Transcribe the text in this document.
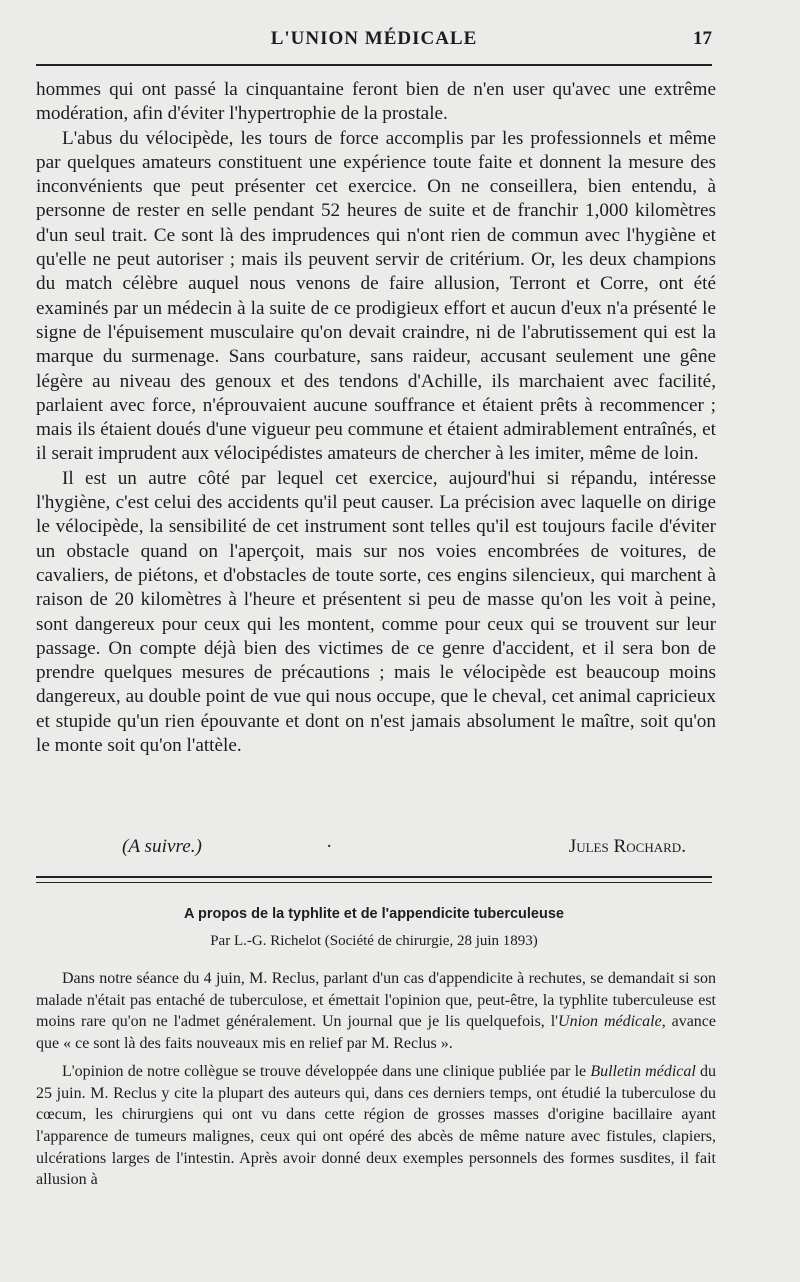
L'UNION MÉDICALE	17

hommes qui ont passé la cinquantaine feront bien de n'en user qu'avec une extrême modération, afin d'éviter l'hypertrophie de la prostale.

L'abus du vélocipède, les tours de force accomplis par les professionnels et même par quelques amateurs constituent une expérience toute faite et donnent la mesure des inconvénients que peut présenter cet exercice. On ne conseillera, bien entendu, à personne de rester en selle pendant 52 heures de suite et de franchir 1,000 kilomètres d'un seul trait. Ce sont là des imprudences qui n'ont rien de commun avec l'hygiène et qu'elle ne peut autoriser ; mais ils peuvent servir de critérium. Or, les deux champions du match célèbre auquel nous venons de faire allusion, Terront et Corre, ont été examinés par un médecin à la suite de ce prodigieux effort et aucun d'eux n'a présenté le signe de l'épuisement musculaire qu'on devait craindre, ni de l'abrutissement qui est la marque du surmenage. Sans courbature, sans raideur, accusant seulement une gêne légère au niveau des genoux et des tendons d'Achille, ils marchaient avec facilité, parlaient avec force, n'éprouvaient aucune souffrance et étaient prêts à recommencer ; mais ils étaient doués d'une vigueur peu commune et étaient admirablement entraînés, et il serait imprudent aux vélocipédistes amateurs de chercher à les imiter, même de loin.

Il est un autre côté par lequel cet exercice, aujourd'hui si répandu, intéresse l'hygiène, c'est celui des accidents qu'il peut causer. La précision avec laquelle on dirige le vélocipède, la sensibilité de cet instrument sont telles qu'il est toujours facile d'éviter un obstacle quand on l'aperçoit, mais sur nos voies encombrées de voitures, de cavaliers, de piétons, et d'obstacles de toute sorte, ces engins silencieux, qui marchent à raison de 20 kilomètres à l'heure et présentent si peu de masse qu'on les voit à peine, sont dangereux pour ceux qui les montent, comme pour ceux qui se trouvent sur leur passage. On compte déjà bien des victimes de ce genre d'accident, et il sera bon de prendre quelques mesures de précautions ; mais le vélocipède est beaucoup moins dangereux, au double point de vue qui nous occupe, que le cheval, cet animal capricieux et stupide qu'un rien épouvante et dont on n'est jamais absolument le maître, soit qu'on le monte soit qu'on l'attèle.

(A suivre.)	·	Jules Rochard.
A propos de la typhlite et de l'appendicite tuberculeuse
Par L.-G. Richelot (Société de chirurgie, 28 juin 1893)

Dans notre séance du 4 juin, M. Reclus, parlant d'un cas d'appendicite à rechutes, se demandait si son malade n'était pas entaché de tuberculose, et émettait l'opinion que, peut-être, la typhlite tuberculeuse est moins rare qu'on ne l'admet généralement. Un journal que je lis quelquefois, l'Union médicale, avance que « ce sont là des faits nouveaux mis en relief par M. Reclus ».

L'opinion de notre collègue se trouve développée dans une clinique publiée par le Bulletin médical du 25 juin. M. Reclus y cite la plupart des auteurs qui, dans ces derniers temps, ont étudié la tuberculose du cœcum, les chirurgiens qui ont vu dans cette région de grosses masses d'origine bacillaire ayant l'apparence de tumeurs malignes, ceux qui ont opéré des abcès de même nature avec fistules, clapiers, ulcérations larges de l'intestin. Après avoir donné deux exemples personnels des formes susdites, il fait allusion à
